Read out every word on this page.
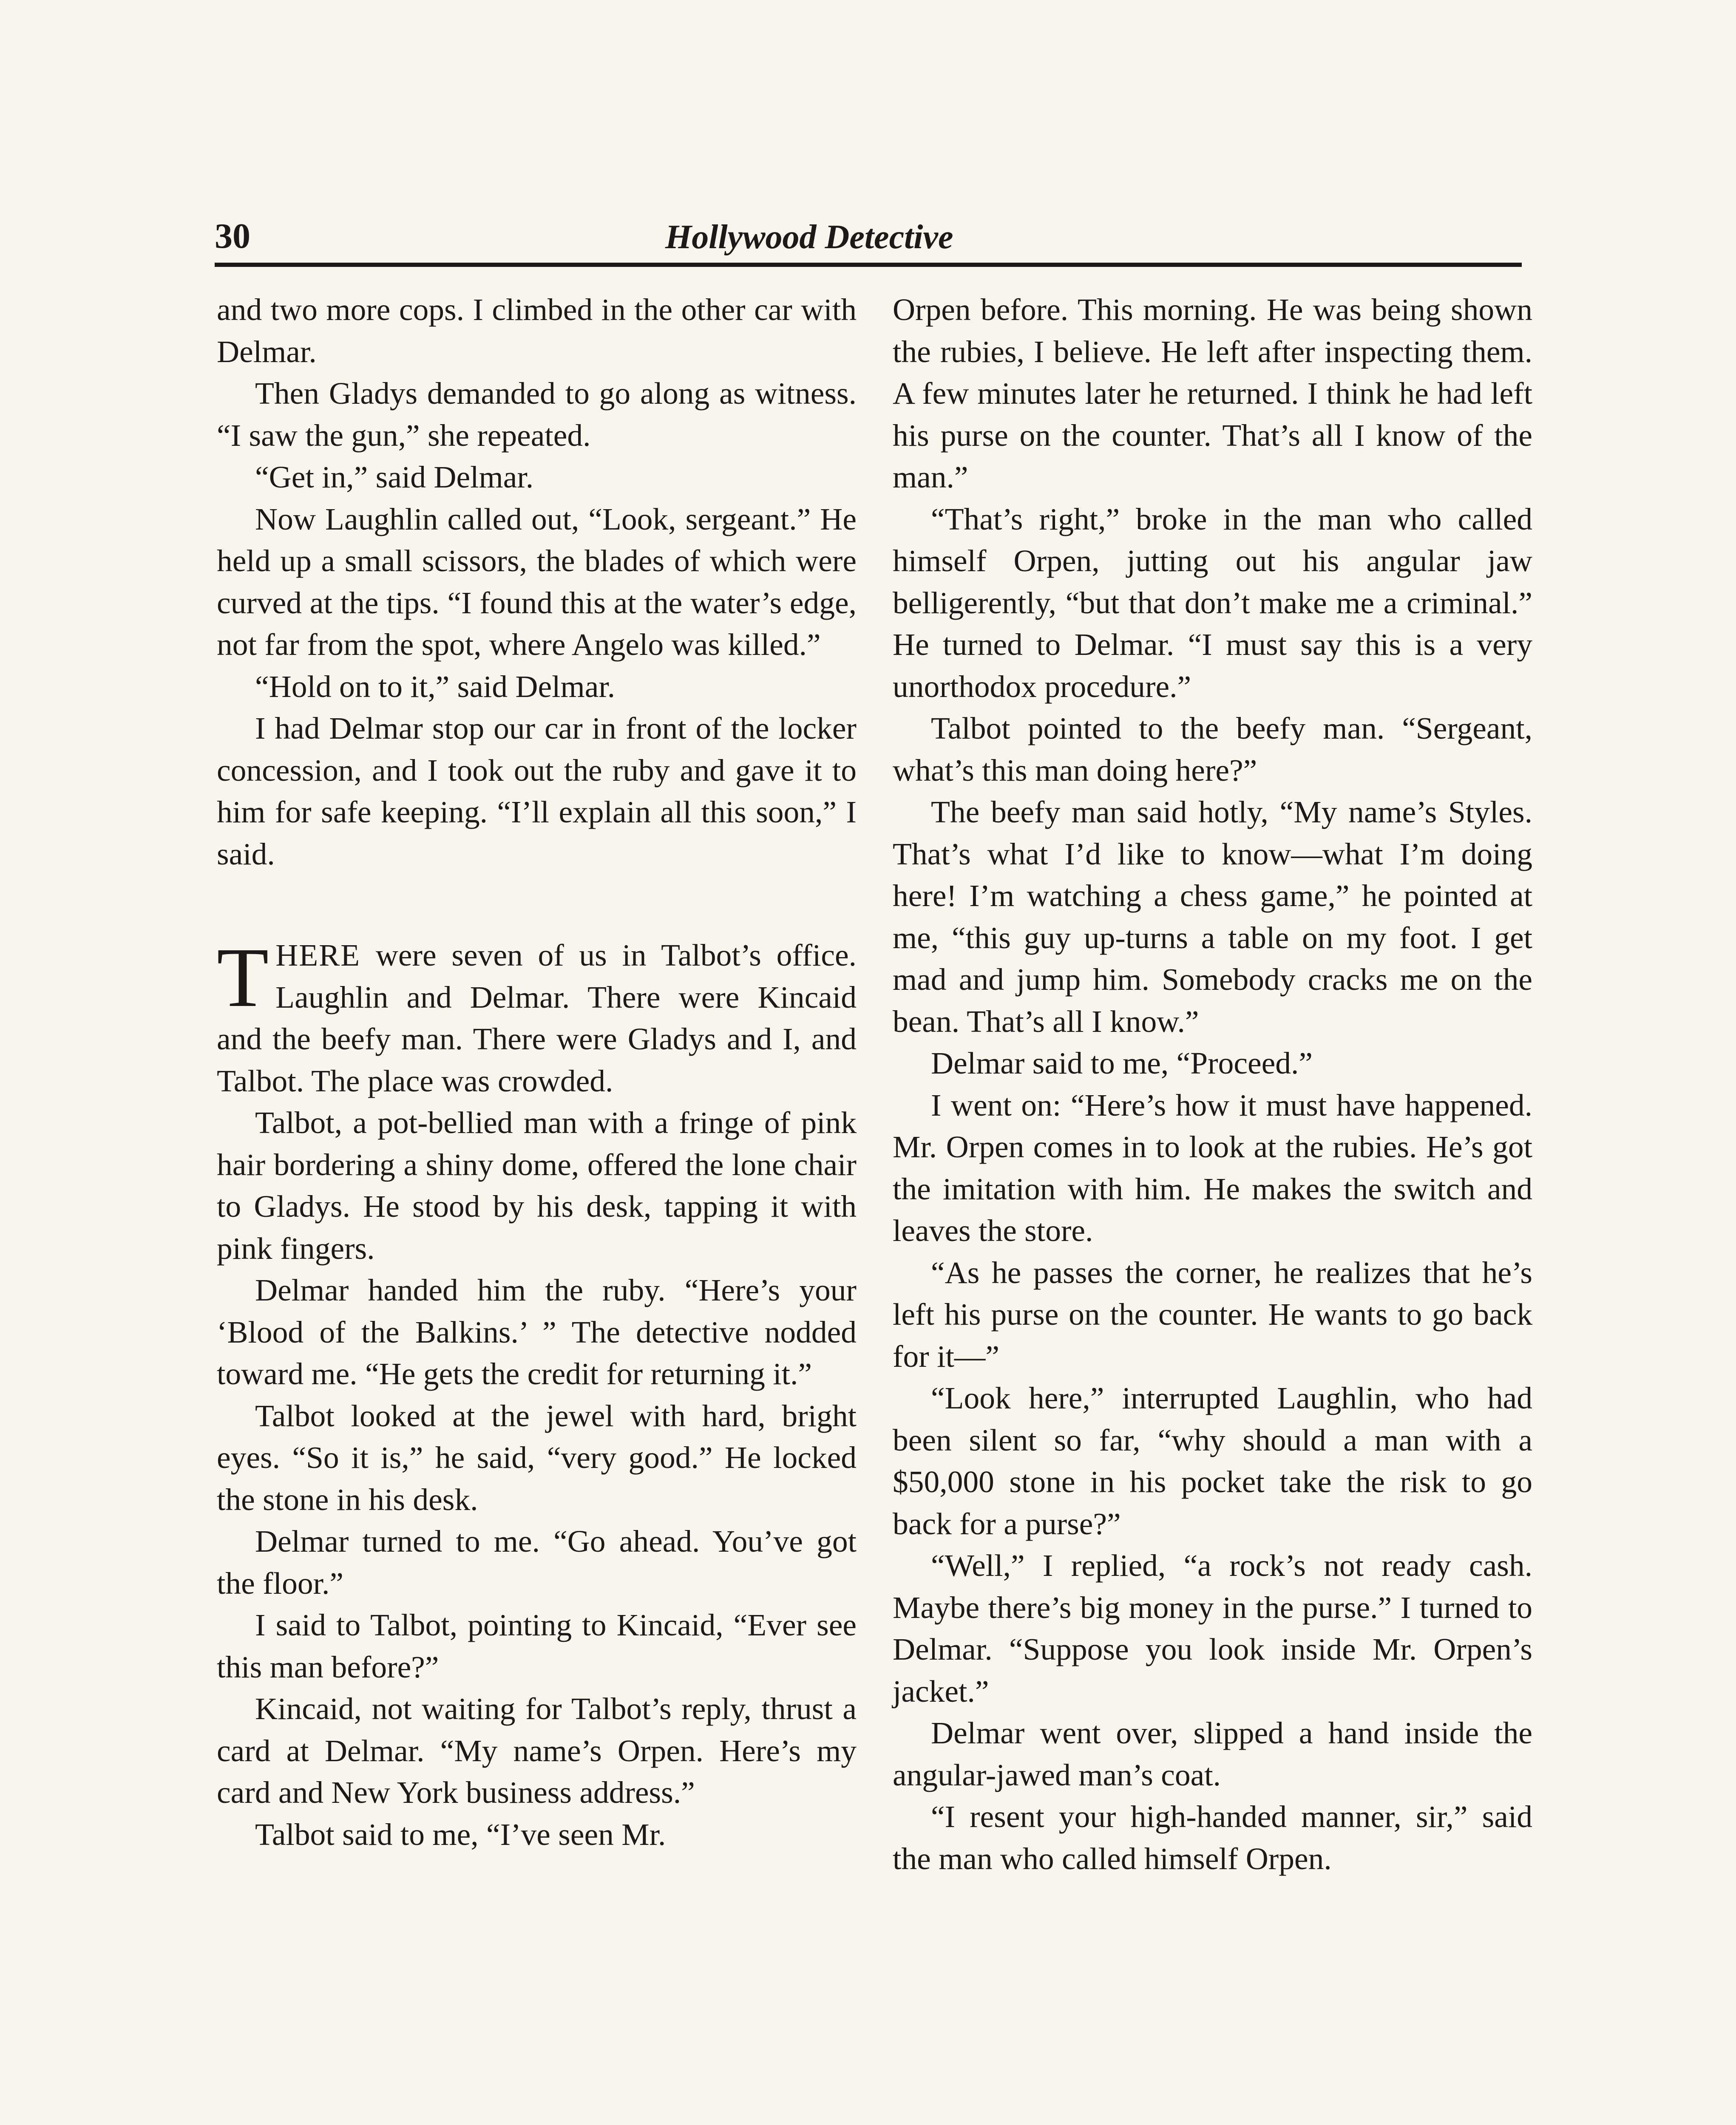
30	Hollywood Detective

and two more cops. I climbed in the other car with Delmar.

Then Gladys demanded to go along as witness. “I saw the gun,” she repeated.

“Get in,” said Delmar.

Now Laughlin called out, “Look, sergeant.” He held up a small scissors, the blades of which were curved at the tips. “I found this at the water’s edge, not far from the spot, where Angelo was killed.”

“Hold on to it,” said Delmar.

I had Delmar stop our car in front of the locker concession, and I took out the ruby and gave it to him for safe keeping. “I’ll explain all this soon,” I said.

THERE were seven of us in Talbot’s office. Laughlin and Delmar. There were Kincaid and the beefy man. There were Gladys and I, and Talbot. The place was crowded.

Talbot, a pot-bellied man with a fringe of pink hair bordering a shiny dome, offered the lone chair to Gladys. He stood by his desk, tapping it with pink fingers.

Delmar handed him the ruby. “Here’s your ‘Blood of the Balkins.’ ” The detective nodded toward me. “He gets the credit for returning it.”

Talbot looked at the jewel with hard, bright eyes. “So it is,” he said, “very good.” He locked the stone in his desk.

Delmar turned to me. “Go ahead. You’ve got the floor.”

I said to Talbot, pointing to Kincaid, “Ever see this man before?”

Kincaid, not waiting for Talbot’s reply, thrust a card at Delmar. “My name’s Orpen. Here’s my card and New York business address.”

Talbot said to me, “I’ve seen Mr.

Orpen before. This morning. He was being shown the rubies, I believe. He left after inspecting them. A few minutes later he returned. I think he had left his purse on the counter. That’s all I know of the man.”

“That’s right,” broke in the man who called himself Orpen, jutting out his angular jaw belligerently, “but that don’t make me a criminal.” He turned to Delmar. “I must say this is a very unorthodox procedure.”

Talbot pointed to the beefy man. “Sergeant, what’s this man doing here?”

The beefy man said hotly, “My name’s Styles. That’s what I’d like to know—what I’m doing here! I’m watching a chess game,” he pointed at me, “this guy up-turns a table on my foot. I get mad and jump him. Somebody cracks me on the bean. That’s all I know.”

Delmar said to me, “Proceed.”

I went on: “Here’s how it must have happened. Mr. Orpen comes in to look at the rubies. He’s got the imitation with him. He makes the switch and leaves the store.

“As he passes the corner, he realizes that he’s left his purse on the counter. He wants to go back for it—”

“Look here,” interrupted Laughlin, who had been silent so far, “why should a man with a $50,000 stone in his pocket take the risk to go back for a purse?”

“Well,” I replied, “a rock’s not ready cash. Maybe there’s big money in the purse.” I turned to Delmar. “Suppose you look inside Mr. Orpen’s jacket.”

Delmar went over, slipped a hand inside the angular-jawed man’s coat.

“I resent your high-handed manner, sir,” said the man who called himself Orpen.
